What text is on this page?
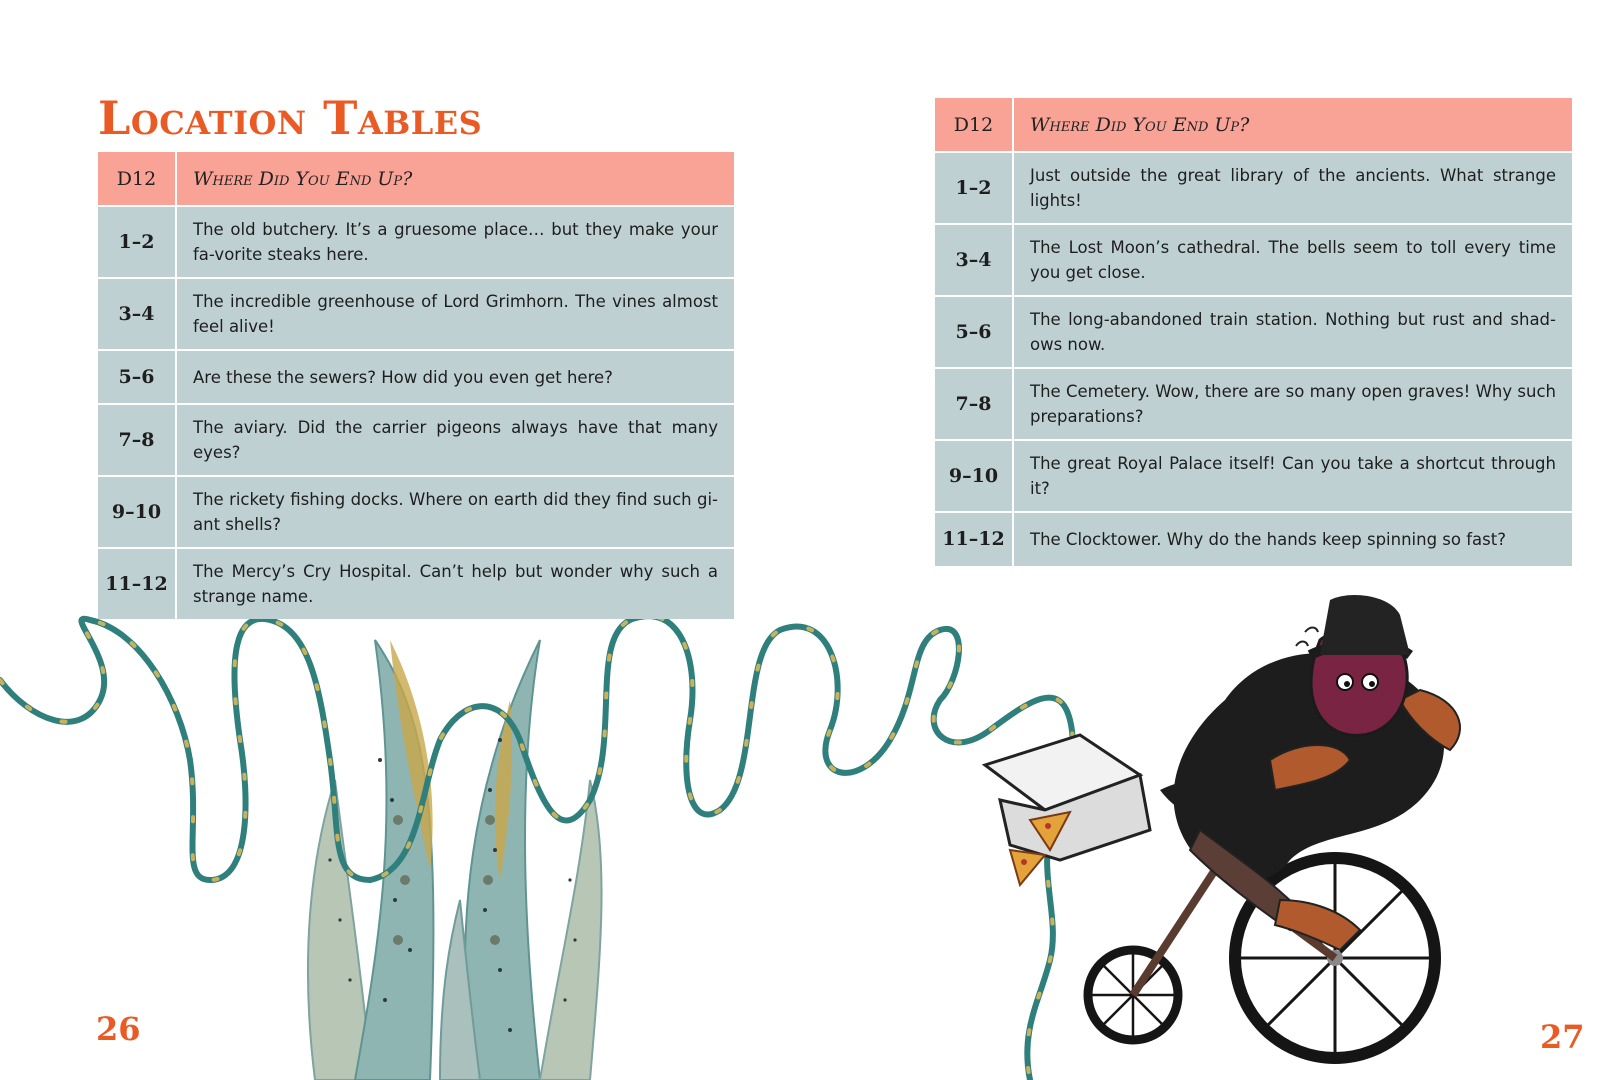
Location Tables
D12	Where Did You End Up?
1–2	The old butchery. It’s a gruesome place… but they make your fa-vorite steaks here.
3–4	The incredible greenhouse of Lord Grimhorn. The vines almost feel alive!
5–6	Are these the sewers? How did you even get here?
7–8	The aviary. Did the carrier pigeons always have that many eyes?
9–10	The rickety fishing docks. Where on earth did they find such gi-ant shells?
11–12	The Mercy’s Cry Hospital. Can’t help but wonder why such a strange name.
D12	Where Did You End Up?
1–2	Just outside the great library of the ancients. What strange lights!
3–4	The Lost Moon’s cathedral. The bells seem to toll every time you get close.
5–6	The long-abandoned train station. Nothing but rust and shad-ows now.
7–8	The Cemetery. Wow, there are so many open graves! Why such preparations?
9–10	The great Royal Palace itself! Can you take a shortcut through it?
11–12	The Clocktower. Why do the hands keep spinning so fast?
26	27
